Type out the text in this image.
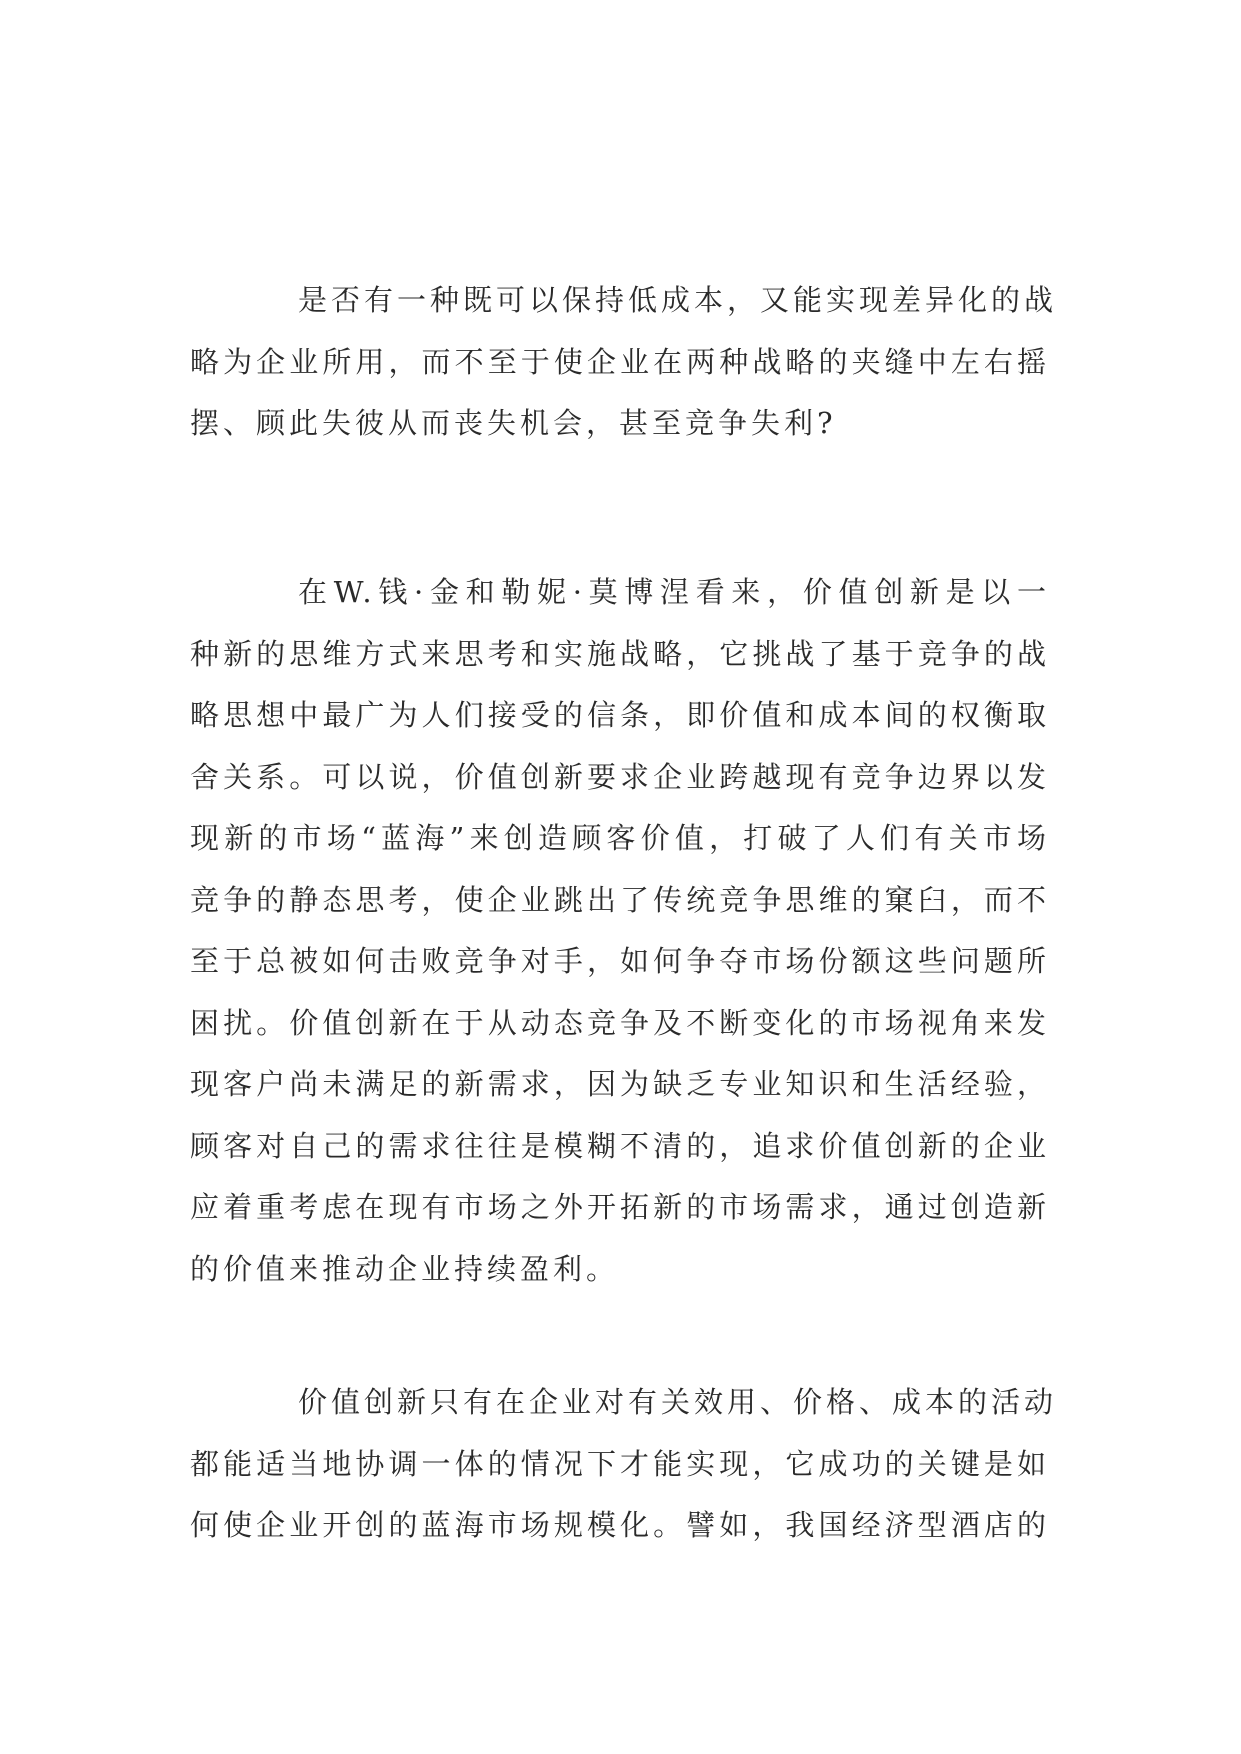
是否有一种既可以保持低成本，又能实现差异化的战
略为企业所用，而不至于使企业在两种战略的夹缝中左右摇
摆、顾此失彼从而丧失机会，甚至竞争失利?
在W.钱·金和勒妮·莫博涅看来，价值创新是以一
种新的思维方式来思考和实施战略，它挑战了基于竞争的战
略思想中最广为人们接受的信条，即价值和成本间的权衡取
舍关系。可以说，价值创新要求企业跨越现有竞争边界以发
现新的市场“蓝海”来创造顾客价值，打破了人们有关市场
竞争的静态思考，使企业跳出了传统竞争思维的窠臼，而不
至于总被如何击败竞争对手，如何争夺市场份额这些问题所
困扰。价值创新在于从动态竞争及不断变化的市场视角来发
现客户尚未满足的新需求，因为缺乏专业知识和生活经验，
顾客对自己的需求往往是模糊不清的，追求价值创新的企业
应着重考虑在现有市场之外开拓新的市场需求，通过创造新
的价值来推动企业持续盈利。
价值创新只有在企业对有关效用、价格、成本的活动
都能适当地协调一体的情况下才能实现，它成功的关键是如
何使企业开创的蓝海市场规模化。譬如，我国经济型酒店的
